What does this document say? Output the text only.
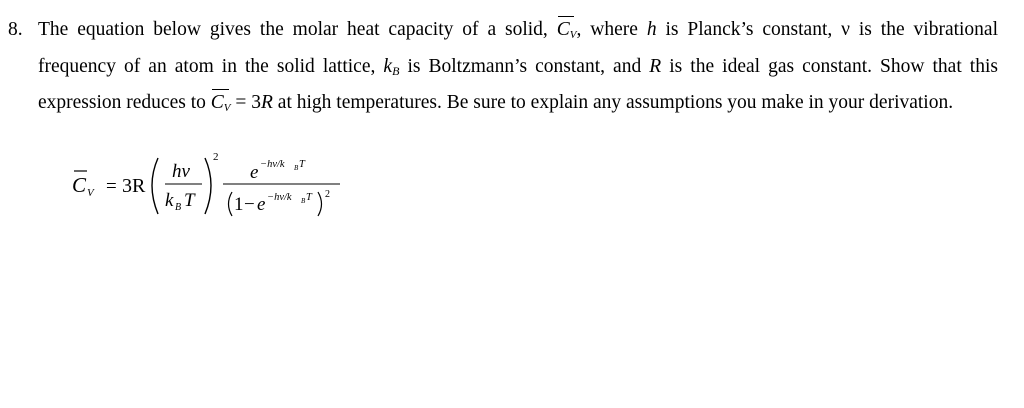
8. The equation below gives the molar heat capacity of a solid,
$C_V$, where h is Planck’s constant, ν is the vibrational frequency of an atom in the solid lattice, kB is Boltzmann’s constant, and R is the ideal gas constant. Show that this expression reduces to
$C_V = 3R$ at high temperatures. Be sure to explain any assumptions you make in your derivation.
C V = 3R
hν
k B T
2
e −hν/k B T
1 − e −hν/k B T 2
